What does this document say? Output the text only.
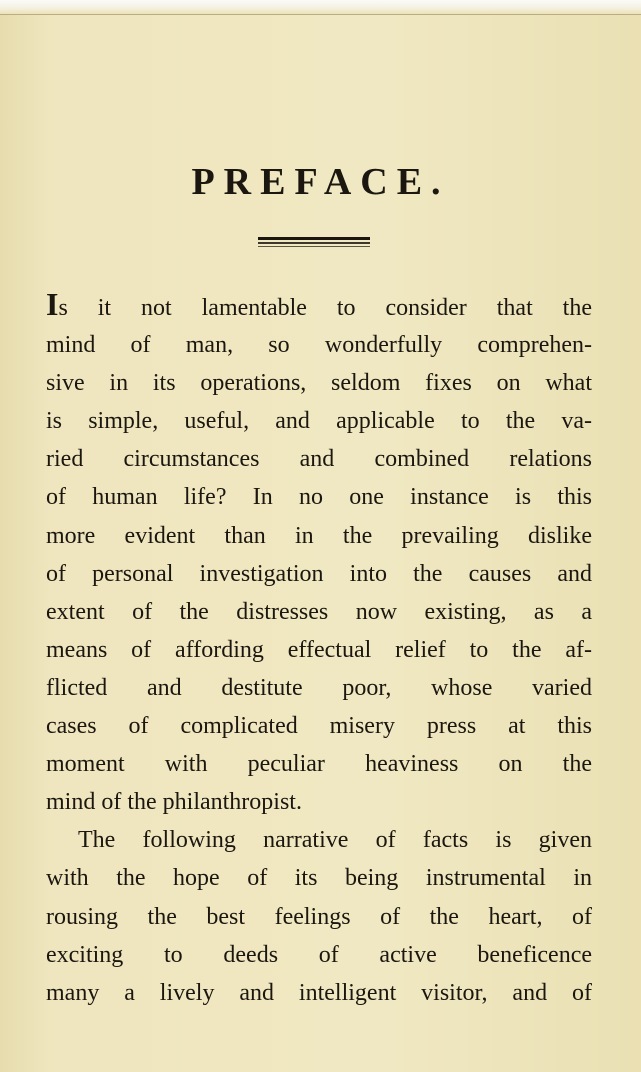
PREFACE.
Is it not lamentable to consider that the
mind of man, so wonderfully comprehen-
sive in its operations, seldom fixes on what
is simple, useful, and applicable to the va-
ried circumstances and combined relations
of human life? In no one instance is this
more evident than in the prevailing dislike
of personal investigation into the causes and
extent of the distresses now existing, as a
means of affording effectual relief to the af-
flicted and destitute poor, whose varied
cases of complicated misery press at this
moment with peculiar heaviness on the
mind of the philanthropist.
The following narrative of facts is given
with the hope of its being instrumental in
rousing the best feelings of the heart, of
exciting to deeds of active beneficence
many a lively and intelligent visitor, and of
